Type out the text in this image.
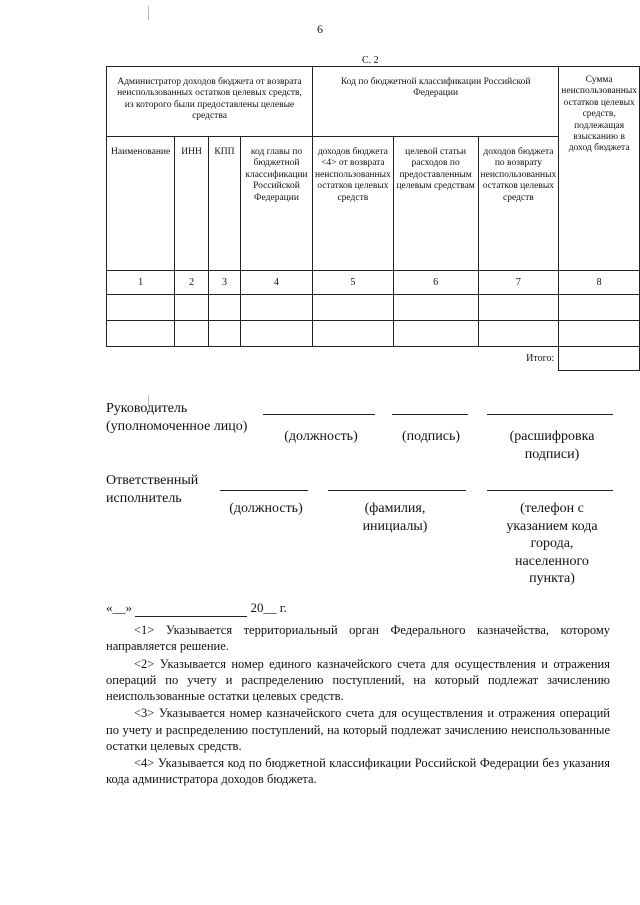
6
С. 2
Администратор доходов бюджета от возврата неиспользованных остатков целевых средств, из которого были предоставлены целевые средства				Код по бюджетной классификации Российской Федерации			Сумма неиспользованных остатков целевых средств, подлежащая взысканию в доход бюджета
Наименование	ИНН	КПП	код главы по бюджетной классификации Российской Федерации	доходов бюджета <4> от возврата неиспользованных остатков целевых средств	целевой статьи расходов по предоставленным целевым средствам	доходов бюджета по возврату неиспользованных остатков целевых средств	
1	2	3	4	5	6	7	8

Итого:							
Руководитель
(уполномоченное лицо)
(должность)	(подпись)	(расшифровка подписи)
Ответственный
исполнитель
(должность)	(фамилия, инициалы)
(телефон с указанием кода города, населенного пункта)
«__»	20__ г.

<1> Указывается территориальный орган Федерального казначейства, которому направляется решение.

<2> Указывается номер единого казначейского счета для осуществления и отражения операций по учету и распределению поступлений, на который подлежат зачислению неиспользованные остатки целевых средств.

<3> Указывается номер казначейского счета для осуществления и отражения операций по учету и распределению поступлений, на который подлежат зачислению неиспользованные остатки целевых средств.

<4> Указывается код по бюджетной классификации Российской Федерации без указания кода администратора доходов бюджета.
